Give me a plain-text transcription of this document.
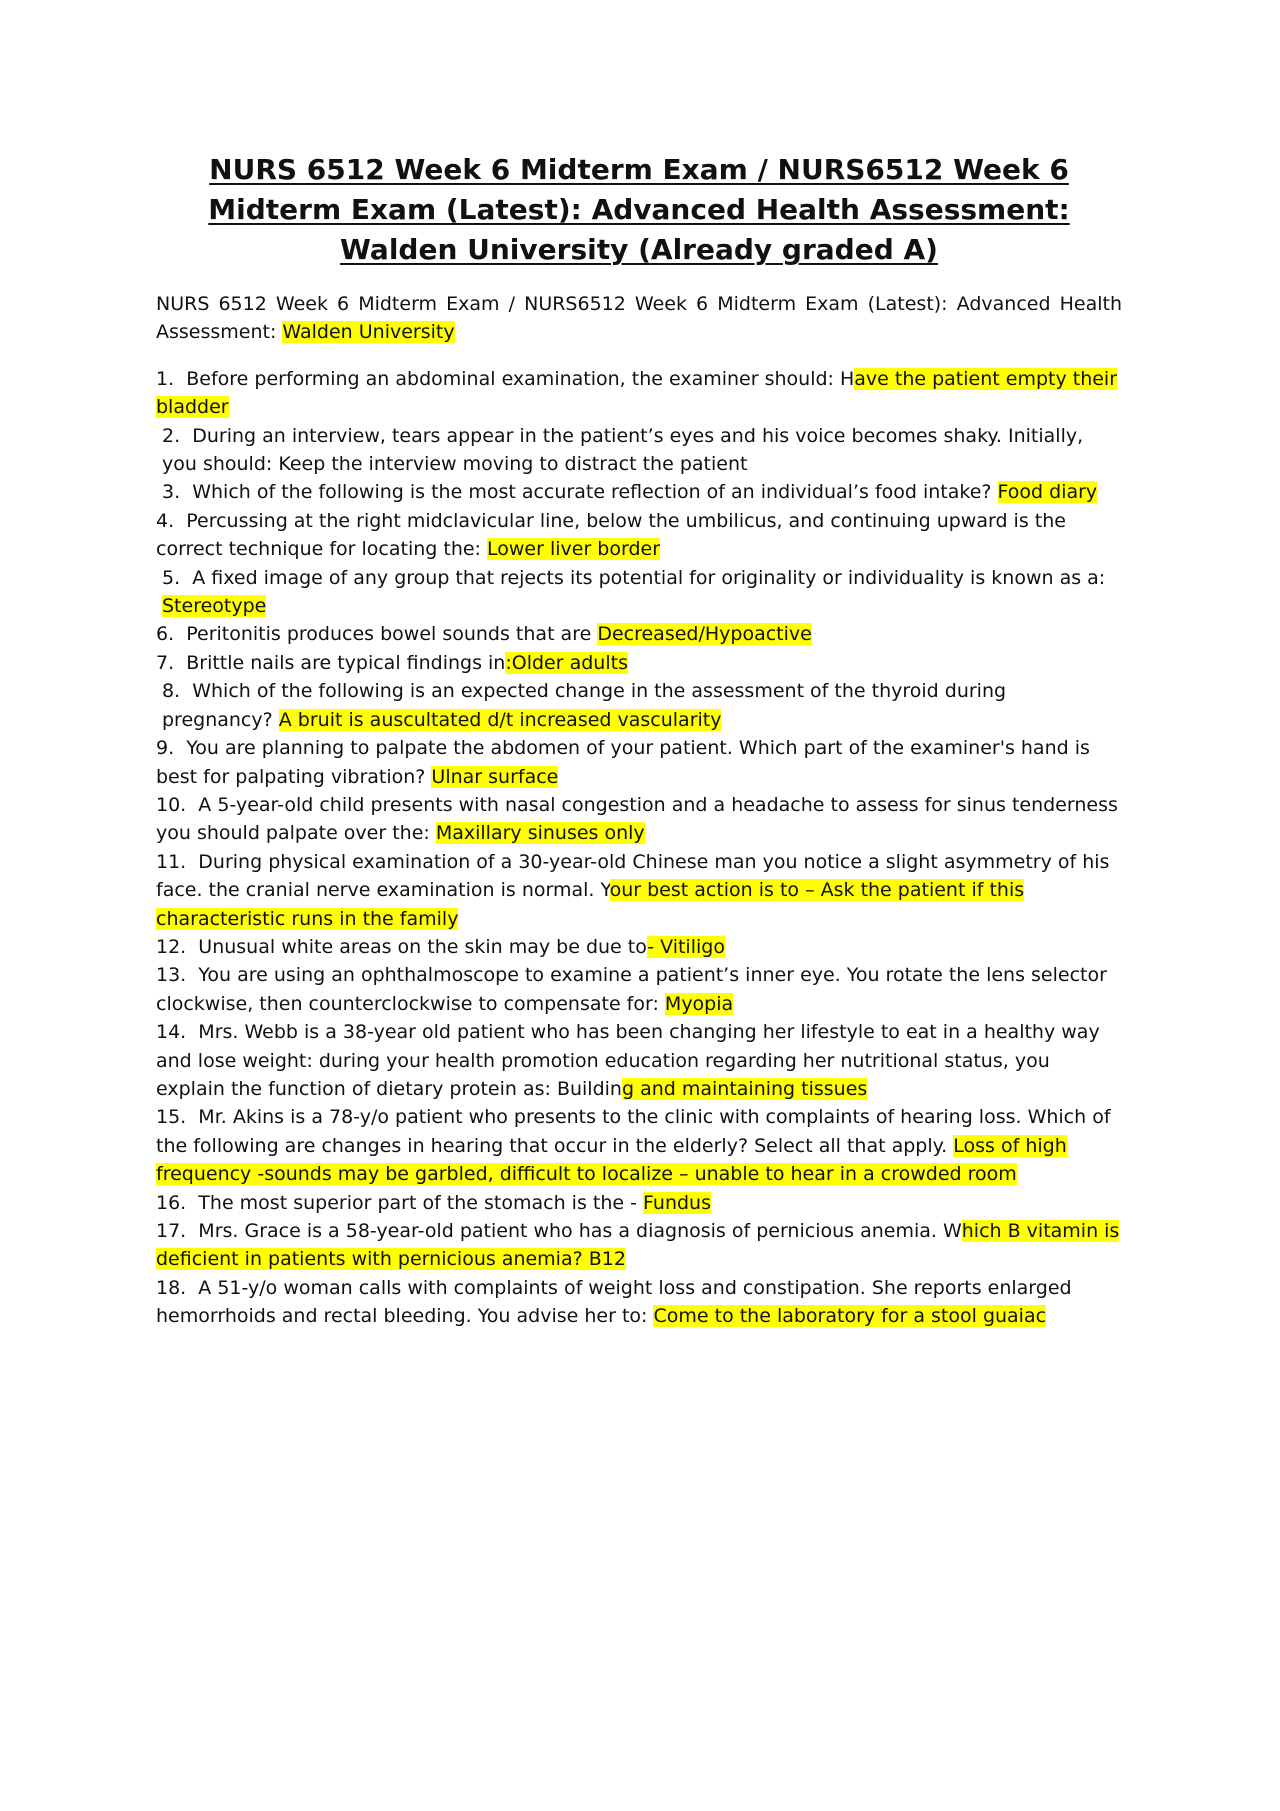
NURS 6512 Week 6 Midterm Exam / NURS6512 Week 6 Midterm Exam (Latest): Advanced Health Assessment: Walden University (Already graded A)

NURS 6512 Week 6 Midterm Exam / NURS6512 Week 6 Midterm Exam (Latest): Advanced Health Assessment: Walden University

1.  Before performing an abdominal examination, the examiner should: Have the patient empty their bladder
2.  During an interview, tears appear in the patient’s eyes and his voice becomes shaky. Initially, you should: Keep the interview moving to distract the patient
3.  Which of the following is the most accurate reflection of an individual’s food intake? Food diary
4.  Percussing at the right midclavicular line, below the umbilicus, and continuing upward is the correct technique for locating the: Lower liver border
5.  A fixed image of any group that rejects its potential for originality or individuality is known as a: Stereotype
6.  Peritonitis produces bowel sounds that are Decreased/Hypoactive
7.  Brittle nails are typical findings in:Older adults
8.  Which of the following is an expected change in the assessment of the thyroid during pregnancy? A bruit is auscultated d/t increased vascularity
9.  You are planning to palpate the abdomen of your patient. Which part of the examiner's hand is best for palpating vibration? Ulnar surface
10.  A 5-year-old child presents with nasal congestion and a headache to assess for sinus tenderness you should palpate over the: Maxillary sinuses only
11.  During physical examination of a 30-year-old Chinese man you notice a slight asymmetry of his face. the cranial nerve examination is normal. Your best action is to – Ask the patient if this characteristic runs in the family
12.  Unusual white areas on the skin may be due to- Vitiligo
13.  You are using an ophthalmoscope to examine a patient’s inner eye. You rotate the lens selector clockwise, then counterclockwise to compensate for: Myopia
14.  Mrs. Webb is a 38-year old patient who has been changing her lifestyle to eat in a healthy way and lose weight: during your health promotion education regarding her nutritional status, you explain the function of dietary protein as: Building and maintaining tissues
15.  Mr. Akins is a 78-y/o patient who presents to the clinic with complaints of hearing loss. Which of the following are changes in hearing that occur in the elderly? Select all that apply. Loss of high frequency -sounds may be garbled, difficult to localize – unable to hear in a crowded room
16.  The most superior part of the stomach is the - Fundus
17.  Mrs. Grace is a 58-year-old patient who has a diagnosis of pernicious anemia. Which B vitamin is deficient in patients with pernicious anemia? B12
18.  A 51-y/o woman calls with complaints of weight loss and constipation. She reports enlarged hemorrhoids and rectal bleeding. You advise her to: Come to the laboratory for a stool guaiac
